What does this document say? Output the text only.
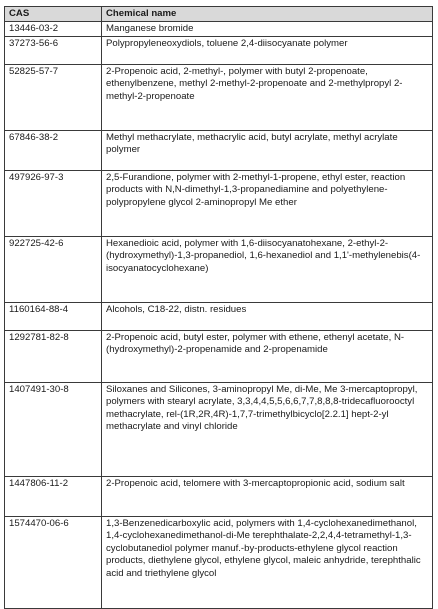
CAS	Chemical name
13446-03-2	Manganese bromide
37273-56-6	Polypropyleneoxydiols, toluene 2,4-diisocyanate polymer
52825-57-7	2-Propenoic acid, 2-methyl-, polymer with butyl 2-propenoate, ethenylbenzene, methyl 2-methyl-2-propenoate and 2-methylpropyl 2-methyl-2-propenoate
67846-38-2	Methyl methacrylate, methacrylic acid, butyl acrylate, methyl acrylate polymer
497926-97-3	2,5-Furandione, polymer with 2-methyl-1-propene, ethyl ester, reaction products with N,N-dimethyl-1,3-propanediamine and polyethylene-polypropylene glycol 2-aminopropyl Me ether
922725-42-6	Hexanedioic acid, polymer with 1,6-diisocyanatohexane, 2-ethyl-2-(hydroxymethyl)-1,3-propanediol, 1,6-hexanediol and 1,1'-methylenebis(4-isocyanatocyclohexane)
1160164-88-4	Alcohols, C18-22, distn. residues
1292781-82-8	2-Propenoic acid, butyl ester, polymer with ethene, ethenyl acetate, N-(hydroxymethyl)-2-propenamide and 2-propenamide
1407491-30-8	Siloxanes and Silicones, 3-aminopropyl Me, di-Me, Me 3-mercaptopropyl, polymers with stearyl acrylate, 3,3,4,4,5,5,6,6,7,7,8,8,8-tridecafluorooctyl methacrylate, rel-(1R,2R,4R)-1,7,7-trimethylbicyclo[2.2.1] hept-2-yl methacrylate and vinyl chloride
1447806-11-2	2-Propenoic acid, telomere with 3-mercaptopropionic acid, sodium salt
1574470-06-6	1,3-Benzenedicarboxylic acid, polymers with 1,4-cyclohexanedimethanol, 1,4-cyclohexanedimethanol-di-Me terephthalate-2,2,4,4-tetramethyl-1,3-cyclobutanediol polymer manuf.-by-products-ethylene glycol reaction products, diethylene glycol, ethylene glycol, maleic anhydride, terephthalic acid and triethylene glycol
